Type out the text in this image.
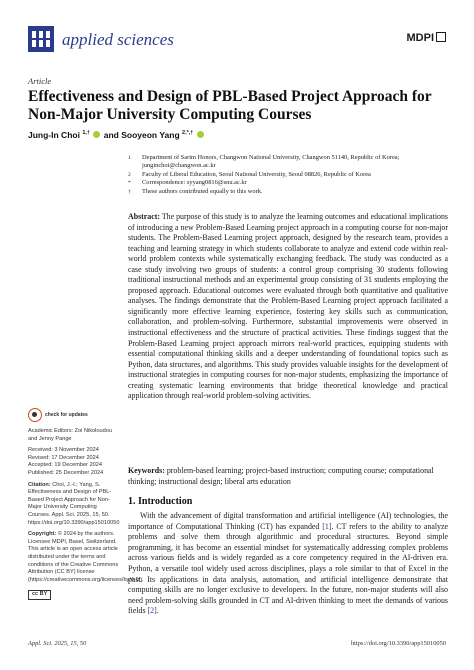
applied sciences	MDPI
Article
Effectiveness and Design of PBL-Based Project Approach for Non-Major University Computing Courses
Jung-In Choi $^{1,\dagger}$ and Sooyeon Yang $^{2,*,\dagger}$
1 Department of Sarim Honors, Changwon National University, Changwon 51140, Republic of Korea; junginchoi@changwon.ac.kr
2 Faculty of Liberal Education, Seoul National University, Seoul 08826, Republic of Korea
* Correspondence: syyang0816@snu.ac.kr
† These authors contributed equally to this work.
Abstract: The purpose of this study is to analyze the learning outcomes and educational implications of introducing a new Problem-Based Learning project approach in a computing course for non-major students. The Problem-Based Learning project approach, designed by the research team, provides a teaching and learning strategy in which students collaborate to analyze and extend code within real-world problem contexts while systematically exchanging feedback. The study was conducted as a case study involving two groups of students: a control group comprising 30 students following traditional instructional methods and an experimental group consisting of 31 students employing the proposed approach. Educational outcomes were evaluated through both quantitative and qualitative analyses. The findings demonstrate that the Problem-Based Learning project approach facilitated a significantly more effective learning experience, fostering key skills such as communication, collaboration, and problem-solving. Furthermore, substantial improvements were observed in instructional effectiveness and the structure of practical activities. These findings suggest that the Problem-Based Learning project approach mirrors real-world practices, equipping students with essential computational thinking skills and a deeper understanding of foundational topics such as Python, data structures, and algorithms. This study provides valuable insights for the development of instructional strategies in computing courses for non-major students, emphasizing the importance of creating systematic learning environments that bridge theoretical knowledge and practical application through real-world problem-solving activities.
Keywords: problem-based learning; project-based instruction; computing course; computational thinking; instructional design; liberal arts education
check for updates
Academic Editors: Zoi Nikoloudou and Jenny Pange
Received: 3 November 2024
Revised: 17 December 2024
Accepted: 19 December 2024
Published: 25 December 2024
Citation: Choi, J.-I.; Yang, S. Effectiveness and Design of PBL-Based Project Approach for Non-Major University Computing Courses. Appl. Sci. 2025, 15, 50. https://doi.org/10.3390/app15010050
Copyright: © 2024 by the authors. Licensee MDPI, Basel, Switzerland. This article is an open access article distributed under the terms and conditions of the Creative Commons Attribution (CC BY) license (https://creativecommons.org/licenses/by/4.0/).
cc BY
1. Introduction

With the advancement of digital transformation and artificial intelligence (AI) technologies, the importance of Computational Thinking (CT) has expanded [1]. CT refers to the ability to analyze problems and solve them through algorithmic and procedural structures. Beyond simple programming, it has become an essential mindset for systematically addressing complex problems across various fields and is widely regarded as a core competency required in the AI-driven era. Python, a versatile tool widely used across disciplines, plays a role similar to that of Excel in the past. Its applications in data analysis, automation, and artificial intelligence demonstrate that computing skills are no longer exclusive to developers. In the future, non-major students will also need problem-solving skills grounded in CT and AI-driven thinking to meet the demands of various fields [2].

Appl. Sci. 2025, 15, 50	https://doi.org/10.3390/app15010050
